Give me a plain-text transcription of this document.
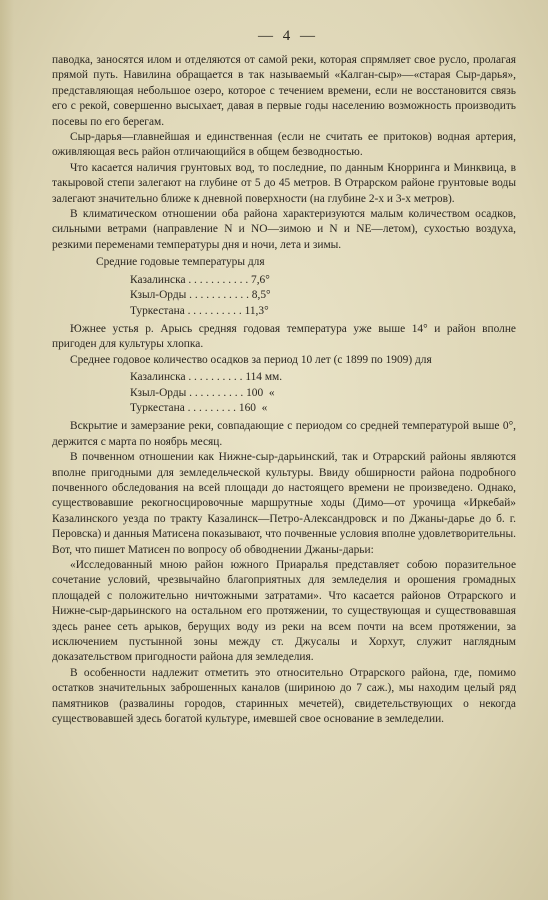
— 4 —

паводка, заносятся илом и отделяются от самой реки, которая спрямляет свое русло, пролагая прямой путь. Навилина обращается в так называемый «Калган-сыр»—«старая Сыр-дарья», представляющая небольшое озеро, которое с течением времени, если не восстановится связь его с рекой, совершенно высыхает, давая в первые годы населению возможность производить посевы по его берегам.

Сыр-дарья—главнейшая и единственная (если не считать ее притоков) водная артерия, оживляющая весь район отличающийся в общем безводностью.

Что касается наличия грунтовых вод, то последние, по данным Кнорринга и Минквица, в такыровой степи залегают на глубине от 5 до 45 метров. В Отрарском районе грунтовые воды залегают значительно ближе к дневной поверхности (на глубине 2-х и 3-х метров).

В климатическом отношении оба района характеризуются малым количеством осадков, сильными ветрами (направление N и NO—зимою и N и NE—летом), сухостью воздуха, резкими переменами температуры дня и ночи, лета и зимы.

Средние годовые температуры для

Казалинска . . . . . . . . . . . 7,6°
Кзыл-Орды . . . . . . . . . . . 8,5°
Туркестана . . . . . . . . . . 11,3°

Южнее устья р. Арысь средняя годовая температура уже выше 14° и район вполне пригоден для культуры хлопка.

Среднее годовое количество осадков за период 10 лет (с 1899 по 1909) для

Казалинска . . . . . . . . . . 114 мм.
Кзыл-Орды . . . . . . . . . . 100  «
Туркестана . . . . . . . . . 160  «

Вскрытие и замерзание реки, совпадающие с периодом со средней температурой выше 0°, держится с марта по ноябрь месяц.

В почвенном отношении как Нижне-сыр-дарьинский, так и Отрарский районы являются вполне пригодными для земледельческой культуры. Ввиду обширности района подробного почвенного обследования на всей площади до настоящего времени не произведено. Однако, существовавшие рекогносцировочные маршрутные ходы (Димо—от урочища «Иркебай» Казалинского уезда по тракту Казалинск—Петро-Александровск и по Джаны-дарье до б. г. Перовска) и данныя Матисена показывают, что почвенные условия вполне удовлетворительны. Вот, что пишет Матисен по вопросу об обводнении Джаны-дарьи:

«Исследованный мною район южного Приаралья представляет собою поразительное сочетание условий, чрезвычайно благоприятных для земледелия и орошения громадных площадей с положительно ничтожными затратами». Что касается районов Отрарского и Нижне-сыр-дарьинского на остальном его протяжении, то существующая и существовавшая здесь ранее сеть арыков, берущих воду из реки на всем почти на всем протяжении, за исключением пустынной зоны между ст. Джусалы и Хорхут, служит наглядным доказательством пригодности района для земледелия.

В особенности надлежит отметить это относительно Отрарского района, где, помимо остатков значительных заброшенных каналов (шириною до 7 саж.), мы находим целый ряд памятников (развалины городов, старинных мечетей), свидетельствующих о некогда существовавшей здесь богатой культуре, имевшей свое основание в земледелии.
